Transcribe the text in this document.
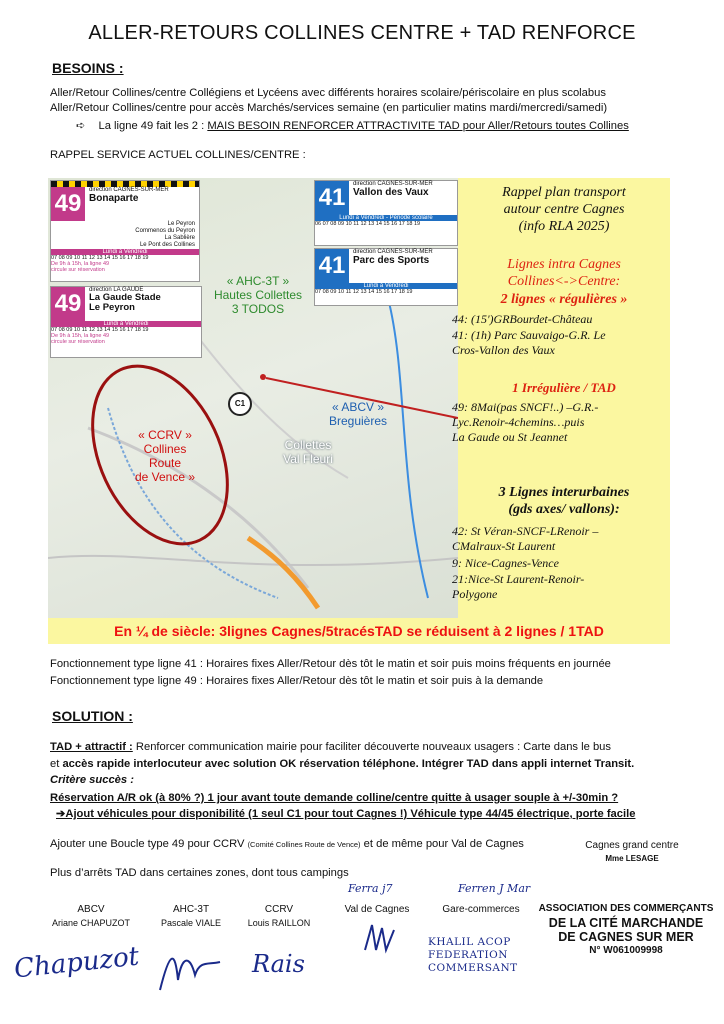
ALLER-RETOURS COLLINES CENTRE + TAD RENFORCE
BESOINS :
Aller/Retour Collines/centre Collégiens et Lycéens avec différents horaires scolaire/périscolaire en plus scolabus
Aller/Retour Collines/centre pour accès Marchés/services semaine (en particulier matins mardi/mercredi/samedi)
➪ La ligne 49 fait les 2 : MAIS BESOIN RENFORCER ATTRACTIVITE TAD pour Aller/Retours toutes Collines
RAPPEL SERVICE ACTUEL COLLINES/CENTRE :
49	direction CAGNES-SUR-MER
Bonaparte
Le Peyron
Commenos du Peyron
La Sablière
Le Pont des Collines
Lundi à Vendredi
07 08 09 10 11 12 13 14 15 16 17 18 19
De 9h à 15h, la ligne 49
circule sur réservation
49	direction LA GAUDE
La Gaude Stade
Le Peyron
Lundi à Vendredi
07 08 09 10 11 12 13 14 15 16 17 18 19
De 9h à 15h, la ligne 49
circule sur réservation
41	direction CAGNES-SUR-MER
Vallon des Vaux
Lundi à Vendredi - Période scolaire
06 07 08 09 10 11 12 13 14 15 16 17 18 19
41	direction CAGNES-SUR-MER
Parc des Sports
Lundi à Vendredi
07 08 09 10 11 12 13 14 15 16 17 18 19
« AHC-3T »
Hautes Collettes
3 TODOS
« ABCV »
Breguières
Collettes
Val Fleuri
« CCRV »
Collines
Route
de Vence »
C1
Rappel plan transport
autour centre Cagnes
(info RLA 2025)
Lignes intra Cagnes
Collines<->Centre:
2 lignes « régulières »
44: (15')GRBourdet-Château
41: (1h) Parc Sauvaigo-G.R. Le
Cros-Vallon des Vaux
1 Irrégulière / TAD
49: 8Mai(pas SNCF!..) –G.R.-
Lyc.Renoir-4chemins…puis
La Gaude ou St Jeannet
3 Lignes interurbaines
(gds axes/ vallons):
42: St Véran-SNCF-LRenoir –
CMalraux-St Laurent
9: Nice-Cagnes-Vence
21:Nice-St Laurent-Renoir-
Polygone
En ¼ de siècle: 3lignes Cagnes/5tracésTAD se réduisent à 2 lignes / 1TAD
Fonctionnement type ligne 41 : Horaires fixes Aller/Retour dès tôt le matin et soir puis moins fréquents en journée
Fonctionnement type ligne 49 : Horaires fixes Aller/Retour dès tôt le matin et soir puis à la demande
SOLUTION :
TAD + attractif : Renforcer communication mairie pour faciliter découverte nouveaux usagers : Carte dans le bus
et accès rapide interlocuteur avec solution OK réservation téléphone. Intégrer TAD dans appli internet Transit.
Critère succès :
Réservation A/R ok (à 80% ?) 1 jour avant toute demande colline/centre quitte à usager souple à +/-30min ?
➔Ajout véhicules pour disponibilité (1 seul C1 pour tout Cagnes !) Véhicule type 44/45 électrique, porte facile
Ajouter une Boucle type 49 pour CCRV (Comité Collines Route de Vence) et de même pour Val de Cagnes
Plus d’arrêts TAD dans certaines zones, dont tous campings
Cagnes grand centre
Mme LESAGE
ABCV
Ariane CHAPUZOT
Chapuzot
AHC-3T
Pascale VIALE
CCRV
Louis RAILLON
Rais
Ferra j7
Val de Cagnes
Ferren J Mar
Gare-commerces
KHALIL ACOP
FEDERATION
COMMERSANT
ASSOCIATION DES COMMERÇANTS
DE LA CITÉ MARCHANDE
DE CAGNES SUR MER
N° W061009998
